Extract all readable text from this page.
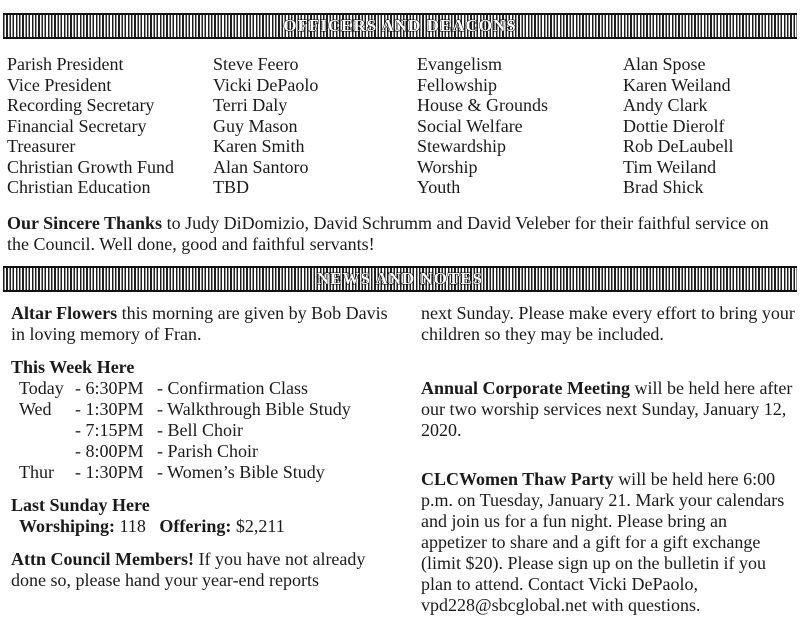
OFFICERS AND DEACONS
Parish President
Vice President
Recording Secretary
Financial Secretary
Treasurer
Christian Growth Fund
Christian Education
Steve Feero
Vicki DePaolo
Terri Daly
Guy Mason
Karen Smith
Alan Santoro
TBD
Evangelism
Fellowship
House & Grounds
Social Welfare
Stewardship
Worship
Youth
Alan Spose
Karen Weiland
Andy Clark
Dottie Dierolf
Rob DeLaubell
Tim Weiland
Brad Shick
Our Sincere Thanks to Judy DiDomizio, David Schrumm and David Veleber for their faithful service on the Council. Well done, good and faithful servants!
NEWS AND NOTES
Altar Flowers this morning are given by Bob Davis in loving memory of Fran.
This Week Here
Today - 6:30PM - Confirmation Class
Wed	- 1:30PM - Walkthrough Bible Study
- 7:15PM - Bell Choir
- 8:00PM - Parish Choir
Thur	- 1:30PM - Women’s Bible Study
Last Sunday Here
Worshiping: 118 Offering: $2,211
Attn Council Members! If you have not already done so, please hand your year-end reports
next Sunday. Please make every effort to bring your children so they may be included.
Annual Corporate Meeting will be held here after our two worship services next Sunday, January 12, 2020.
CLCWomen Thaw Party will be held here 6:00 p.m. on Tuesday, January 21. Mark your calendars and join us for a fun night. Please bring an appetizer to share and a gift for a gift exchange (limit $20). Please sign up on the bulletin if you plan to attend. Contact Vicki DePaolo, vpd228@sbcglobal.net with questions.
